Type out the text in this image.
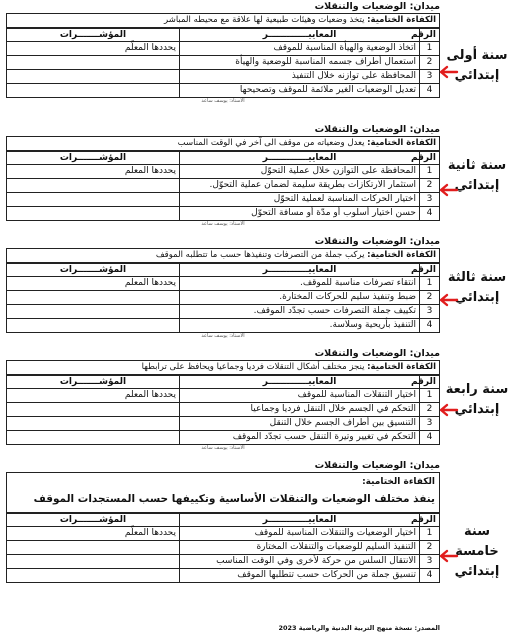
ميدان: الوضعيات والتنقلات
الكفاءة الختامية: يتخذ وضعيات وهيئات طبيعية لها علاقة مع محيطه المباشر
الرقم	المعاييـــــــــــــر	المؤشـــــــرات
1	اتخاذ الوضعية والهيأة المناسبة للموقف	يحددها المعلّم
2	استعمال أطراف جسمه المناسبة للوضعية والهيأة	
3	المحافظة على توازنه خلال التنفيذ	
4	تعديل الوضعيات الغير ملائمة للموقف وتصحيحها	
الأستاذ: يوسف ساعد
ميدان: الوضعيات والتنقلات
الكفاءة الختامية: يعدل وضعياته من موقف الى آخر في الوقت المناسب
الرقم	المعاييـــــــــــــر	المؤشـــــــرات
1	المحافظة على التوازن خلال عملية التحوّل	يحددها المعلم
2	استثمار الارتكازات بطريقة سليمة لضمان عملية التحوّل.	
3	اختيار الحركات المناسبة لعملية التحوّل	
4	حسن اختيار أسلوب أو مدّة أو مسافة التحوّل	
الأستاذ: يوسف ساعد
ميدان: الوضعيات والتنقلات
الكفاءة الختامية: يركب جملة من التصرفات وتنفيذها حسب ما تتطلبه الموقف
الرقم	المعاييـــــــــــــر	المؤشـــــــرات
1	انتقاء تصرفات مناسبة للموقف.	يحددها المعلم
2	ضبط وتنفيذ سليم للحركات المختارة.	
3	تكييف جملة التصرفات حسب تجدّد الموقف.	
4	التنفيذ بأريحية وسلاسة.	
الأستاذ: يوسف ساعد
ميدان: الوضعيات والتنقلات
الكفاءة الختامية: ينجز مختلف أشكال التنقلات فرديا وجماعيا ويحافظ على ترابطها
الرقم	المعاييـــــــــــــر	المؤشـــــــرات
1	اختيار التنقلات المناسبة للموقف	يحددها المعلم
2	التحكم في الجسم خلال التنقل فرديا وجماعيا	
3	التنسيق بين أطراف الجسم خلال التنقل	
4	التحكم في تغيير وتيرة التنقل حسب تجدّد الموقف	
الأستاذ: يوسف ساعد
ميدان: الوضعيات والتنقلات
الكفاءة الختامية:
ينفذ مختلف الوضعيات والتنقلات الأساسية وتكييفها حسب المستجدات الموقف
الرقم	المعاييـــــــــــــر	المؤشـــــــرات
1	اختيار الوضعيات والتنقلات المناسبة للموقف	يحددها المعلّم
2	التنفيذ السليم للوضعيات والتنقلات المختارة	
3	الانتقال السلس من حركة لأخرى وفي الوقت المناسب	
4	تنسيق جملة من الحركات حسب تتطلبها الموقف	
سنة أولى إبتدائي
سنة ثانية إبتدائي
سنة ثالثة إبتدائي
سنة رابعة إبتدائي
سنة خامسة إبتدائي
المصدر: نسخة منهج التربية البدنية والرياضية 2023
